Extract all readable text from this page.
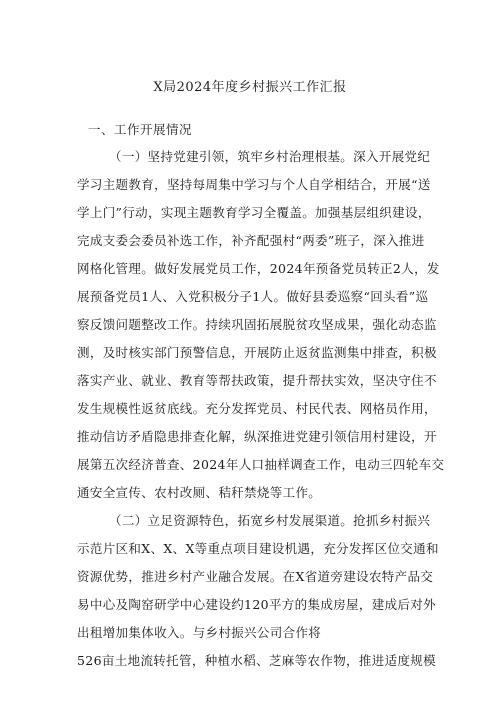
X局2024年度乡村振兴工作汇报
一、工作开展情况
（一）坚持党建引领，筑牢乡村治理根基。深入开展党纪
学习主题教育，坚持每周集中学习与个人自学相结合，开展“送
学上门”行动，实现主题教育学习全覆盖。加强基层组织建设，
完成支委会委员补选工作，补齐配强村“两委”班子，深入推进
网格化管理。做好发展党员工作，2024年预备党员转正2人，发
展预备党员1人、入党积极分子1人。做好县委巡察“回头看”巡
察反馈问题整改工作。持续巩固拓展脱贫攻坚成果，强化动态监
测，及时核实部门预警信息，开展防止返贫监测集中排查，积极
落实产业、就业、教育等帮扶政策，提升帮扶实效，坚决守住不
发生规模性返贫底线。充分发挥党员、村民代表、网格员作用，
推动信访矛盾隐患排查化解，纵深推进党建引领信用村建设，开
展第五次经济普查、2024年人口抽样调查工作，电动三四轮车交
通安全宣传、农村改厕、秸秆禁烧等工作。
（二）立足资源特色，拓宽乡村发展渠道。抢抓乡村振兴
示范片区和X、X、X等重点项目建设机遇，充分发挥区位交通和
资源优势，推进乡村产业融合发展。在X省道旁建设农特产品交
易中心及陶窑研学中心建设约120平方的集成房屋，建成后对外
出租增加集体收入。与乡村振兴公司合作将
526亩土地流转托管，种植水稻、芝麻等农作物，推进适度规模
